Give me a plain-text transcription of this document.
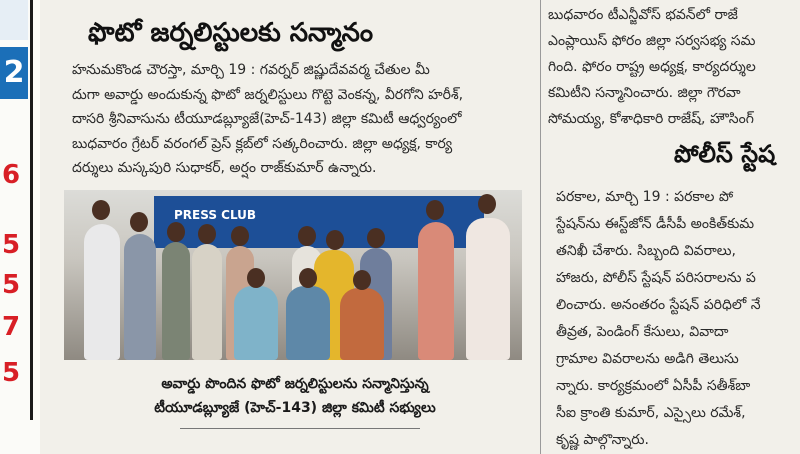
2
6
5
5
7
5
ఫొటో జర్నలిస్టులకు సన్మానం

హనుమకొండ చౌరస్తా, మార్చి 19 : గవర్నర్ జిష్ణుదేవవర్మ చేతుల మీ

దుగా అవార్డు అందుకున్న ఫొటో జర్నలిస్టులు గొట్టె వెంకన్న, వీరగోని హరీశ్,

దాసరి శ్రీనివాసును టీయూడబ్ల్యూజే(హెచ్-143) జిల్లా కమిటీ ఆధ్వర్యంలో

బుధవారం గ్రేటర్ వరంగల్ ప్రెస్ క్లబ్‌లో సత్కరించారు. జిల్లా అధ్యక్ష, కార్య

దర్శులు మస్కపురి సుధాకర్, అర్షం రాజ్‌కుమార్ ఉన్నారు.

PRESS CLUB

అవార్డు పొందిన ఫొటో జర్నలిస్టులను సన్మానిస్తున్న

టీయూడబ్ల్యూజే (హెచ్-143) జిల్లా కమిటీ సభ్యులు

బుధవారం టీఎన్జీవోస్ భవన్‌లో రాజే

ఎంప్లాయిస్ ఫోరం జిల్లా సర్వసభ్య సమ

గింది. ఫోరం రాష్ట్ర అధ్యక్ష, కార్యదర్శుల

కమిటీని సన్మానించారు. జిల్లా గౌరవా

సోమయ్య, కోశాధికారి రాజేష్, హౌసింగ్

పోలీస్ స్టేష

పరకాల, మార్చి 19 : పరకాల పో

స్టేషన్‌ను ఈస్ట్‌జోన్ డీసీపీ అంకిత్‌కుమ

తనిఖీ చేశారు. సిబ్బంది వివరాలు,

హాజరు, పోలీస్ స్టేషన్ పరిసరాలను ప

లించారు. అనంతరం స్టేషన్ పరిధిలో నే

తీవ్రత, పెండింగ్ కేసులు, వివాదా

గ్రామాల వివరాలను అడిగి తెలుసు

న్నారు. కార్యక్రమంలో ఏసీపీ సతీశ్‌బా

సీఐ క్రాంతి కుమార్, ఎస్సైలు రమేశ్,

కృష్ణ పాల్గొన్నారు.
